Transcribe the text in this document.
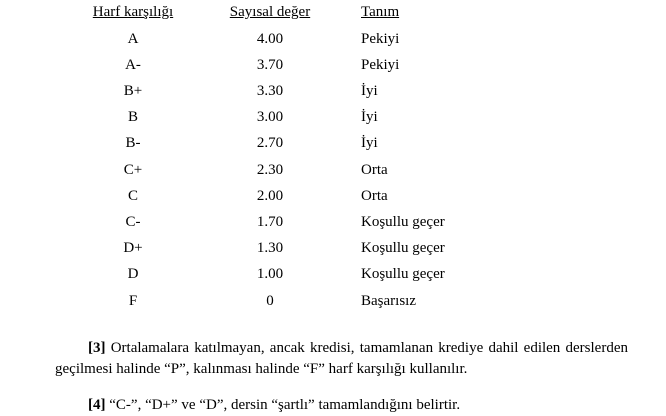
Harf karşılığı	Sayısal değer	Tanım
A	4.00	Pekiyi
A-	3.70	Pekiyi
B+	3.30	İyi
B	3.00	İyi
B-	2.70	İyi
C+	2.30	Orta
C	2.00	Orta
C-	1.70	Koşullu geçer
D+	1.30	Koşullu geçer
D	1.00	Koşullu geçer
F	0	Başarısız

[3] Ortalamalara katılmayan, ancak kredisi, tamamlanan krediye dahil edilen derslerden geçilmesi halinde “P”, kalınması halinde “F” harf karşılığı kullanılır.

[4] “C-”, “D+” ve “D”, dersin “şartlı” tamamlandığını belirtir.
